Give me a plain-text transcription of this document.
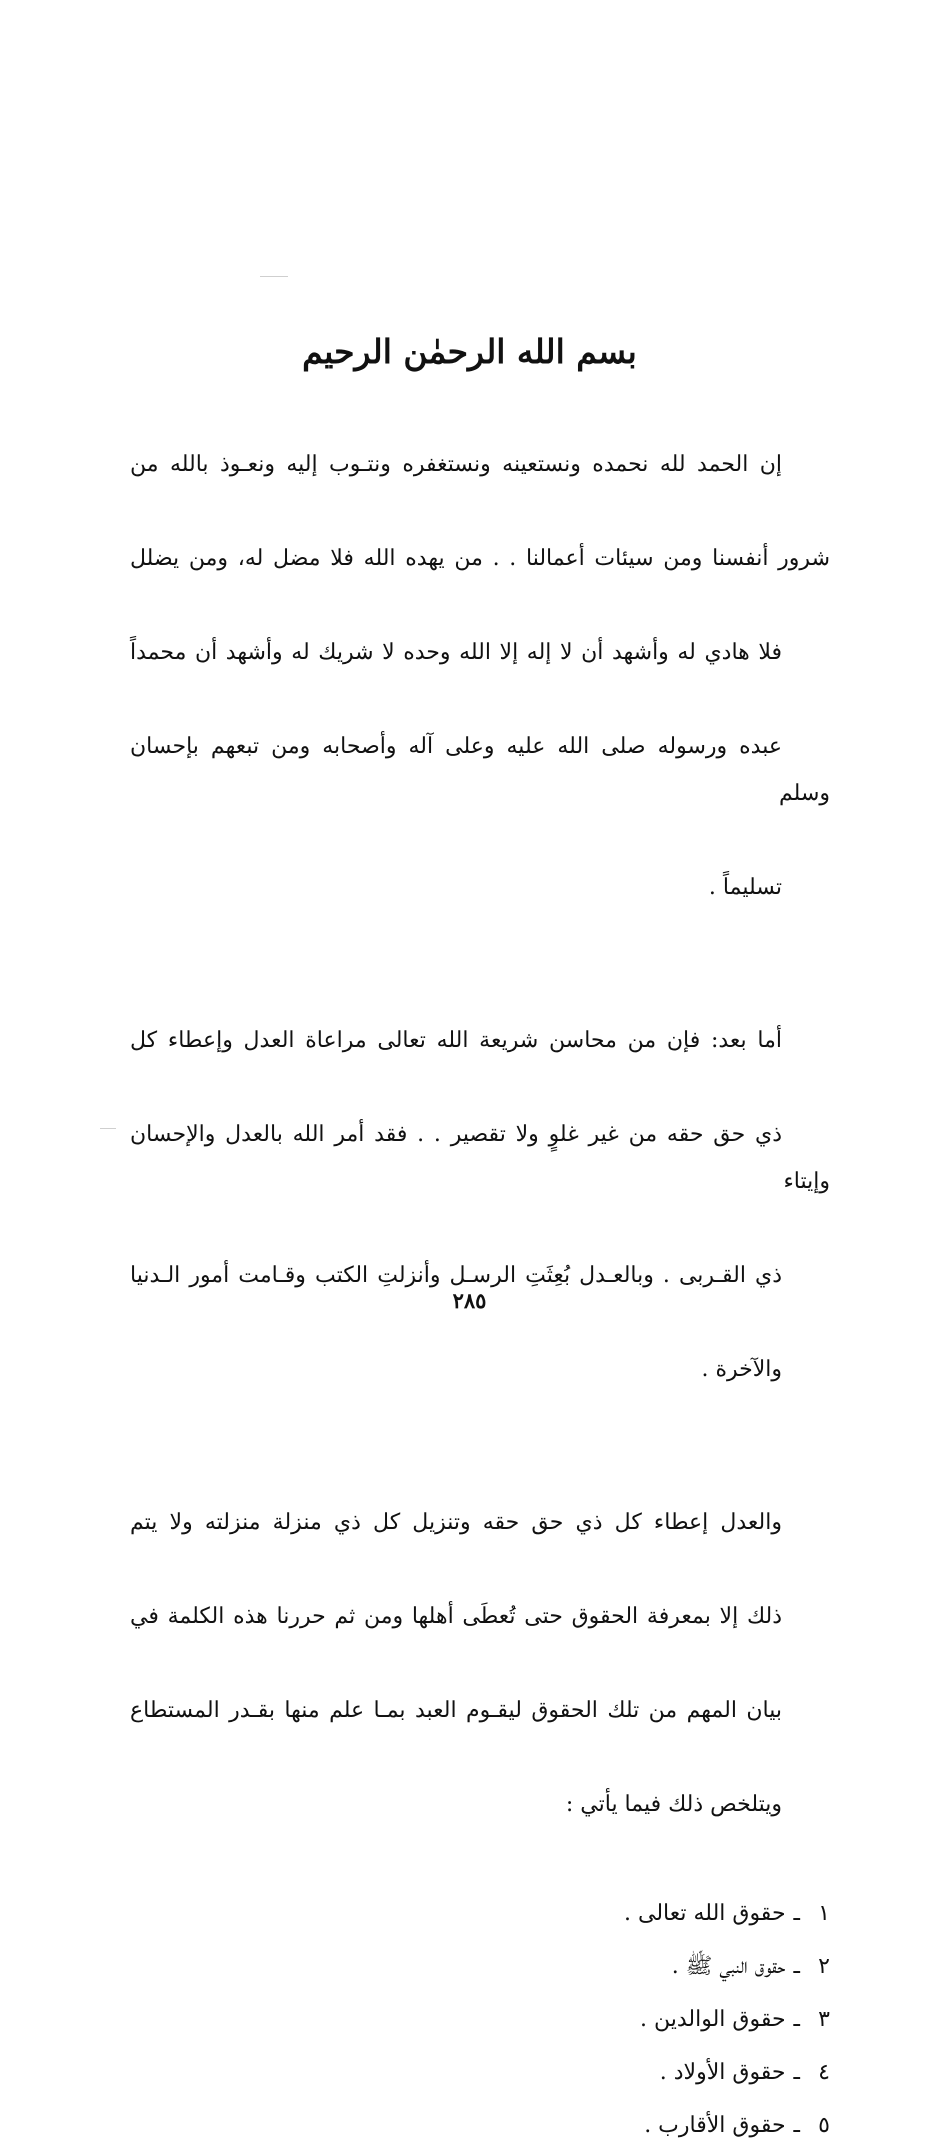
بسم الله الرحمٰن الرحيم

إن الحمد لله نحمده ونستعينه ونستغفره ونتـوب إليه ونعـوذ بالله من

شرور أنفسنا ومن سيئات أعمالنا . . من يهده الله فلا مضل له، ومن يضلل

فلا هادي له وأشهد أن لا إله إلا الله وحده لا شريك له وأشهد أن محمداً

عبده ورسوله صلى الله عليه وعلى آله وأصحابه ومن تبعهم بإحسان وسلم

تسليماً .

أما بعد: فإن من محاسن شريعة الله تعالى مراعاة العدل وإعطاء كل

ذي حق حقه من غير غلوٍ ولا تقصير . . فقد أمر الله بالعدل والإحسان وإيتاء

ذي القـربى . وبالعـدل بُعِثَتِ الرسـل وأنزلتِ الكتب وقـامت أمور الـدنيا

والآخرة .

والعدل إعطاء كل ذي حق حقه وتنزيل كل ذي منزلة منزلته ولا يتم

ذلك إلا بمعرفة الحقوق حتى تُعطَى أهلها ومن ثم حررنا هذه الكلمة في

بيان المهم من تلك الحقوق ليقـوم العبد بمـا علم منها بقـدر المستطاع

ويتلخص ذلك فيما يأتي :

١ـحقوق الله تعالى .
٢ـحقوق النبي ﷺ .
٣ـحقوق الوالدين .
٤ـحقوق الأولاد .
٥ـحقوق الأقارب .
٢٨٥
